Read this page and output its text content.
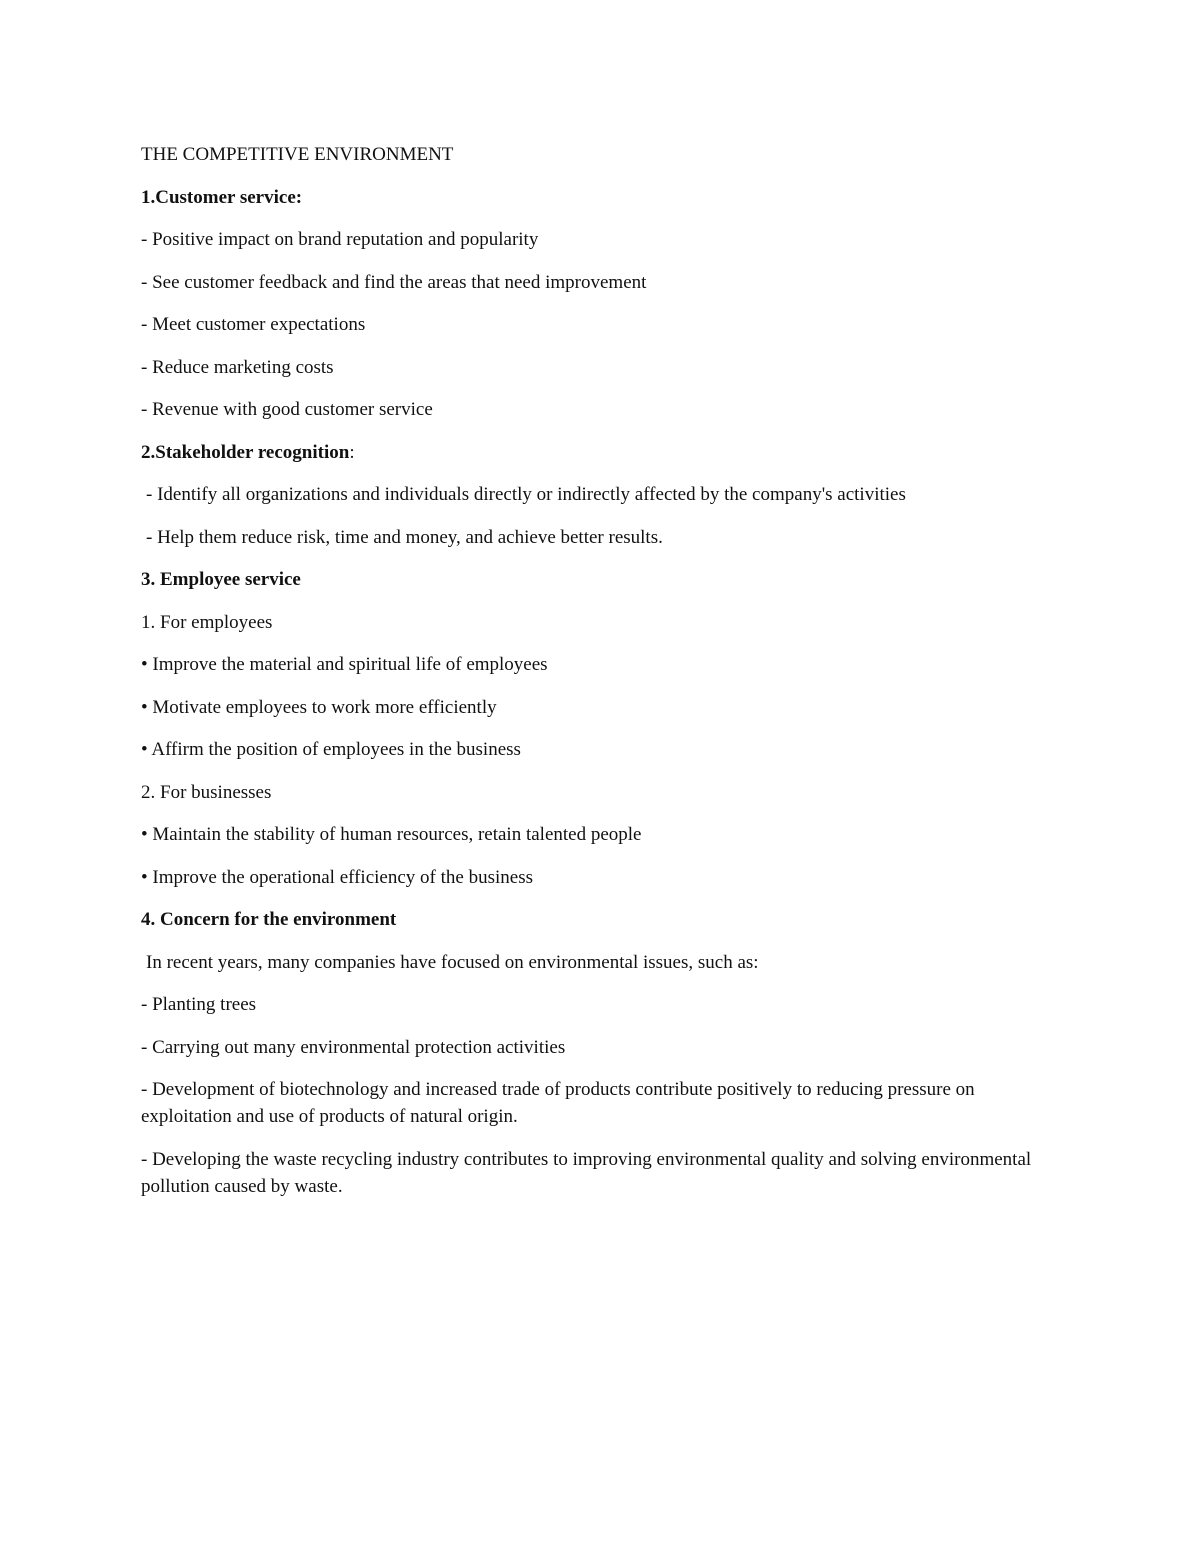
THE COMPETITIVE ENVIRONMENT

1.Customer service:

- Positive impact on brand reputation and popularity

- See customer feedback and find the areas that need improvement

- Meet customer expectations

- Reduce marketing costs

- Revenue with good customer service

2.Stakeholder recognition:

- Identify all organizations and individuals directly or indirectly affected by the company's activities

- Help them reduce risk, time and money, and achieve better results.

3. Employee service

1. For employees

• Improve the material and spiritual life of employees

• Motivate employees to work more efficiently

• Affirm the position of employees in the business

2. For businesses

• Maintain the stability of human resources, retain talented people

• Improve the operational efficiency of the business

4. Concern for the environment

In recent years, many companies have focused on environmental issues, such as:

- Planting trees

- Carrying out many environmental protection activities

- Development of biotechnology and increased trade of products contribute positively to reducing pressure on exploitation and use of products of natural origin.

- Developing the waste recycling industry contributes to improving environmental quality and solving environmental pollution caused by waste.
